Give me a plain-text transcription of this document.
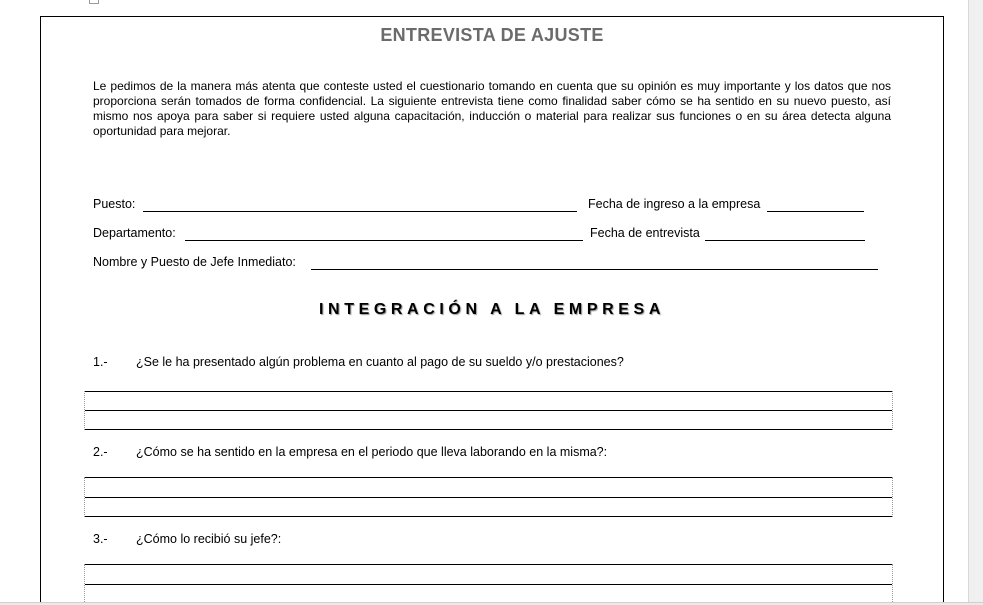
ENTREVISTA DE AJUSTE
Le pedimos de la manera más atenta que conteste usted el cuestionario tomando en cuenta que su opinión es muy importante y los datos que nos proporciona serán tomados de forma confidencial. La siguiente entrevista tiene como finalidad saber cómo se ha sentido en su nuevo puesto, así mismo nos apoya para saber si requiere usted alguna capacitación, inducción o material para realizar sus funciones o en su área detecta alguna oportunidad para mejorar.
Puesto:	Fecha de ingreso a la empresa
Departamento:	Fecha de entrevista
Nombre y Puesto de Jefe Inmediato:
INTEGRACIÓN A LA EMPRESA
1.- ¿Se le ha presentado algún problema en cuanto al pago de su sueldo y/o prestaciones?
2.- ¿Cómo se ha sentido en la empresa en el periodo que lleva laborando en la misma?:
3.- ¿Cómo lo recibió su jefe?:
